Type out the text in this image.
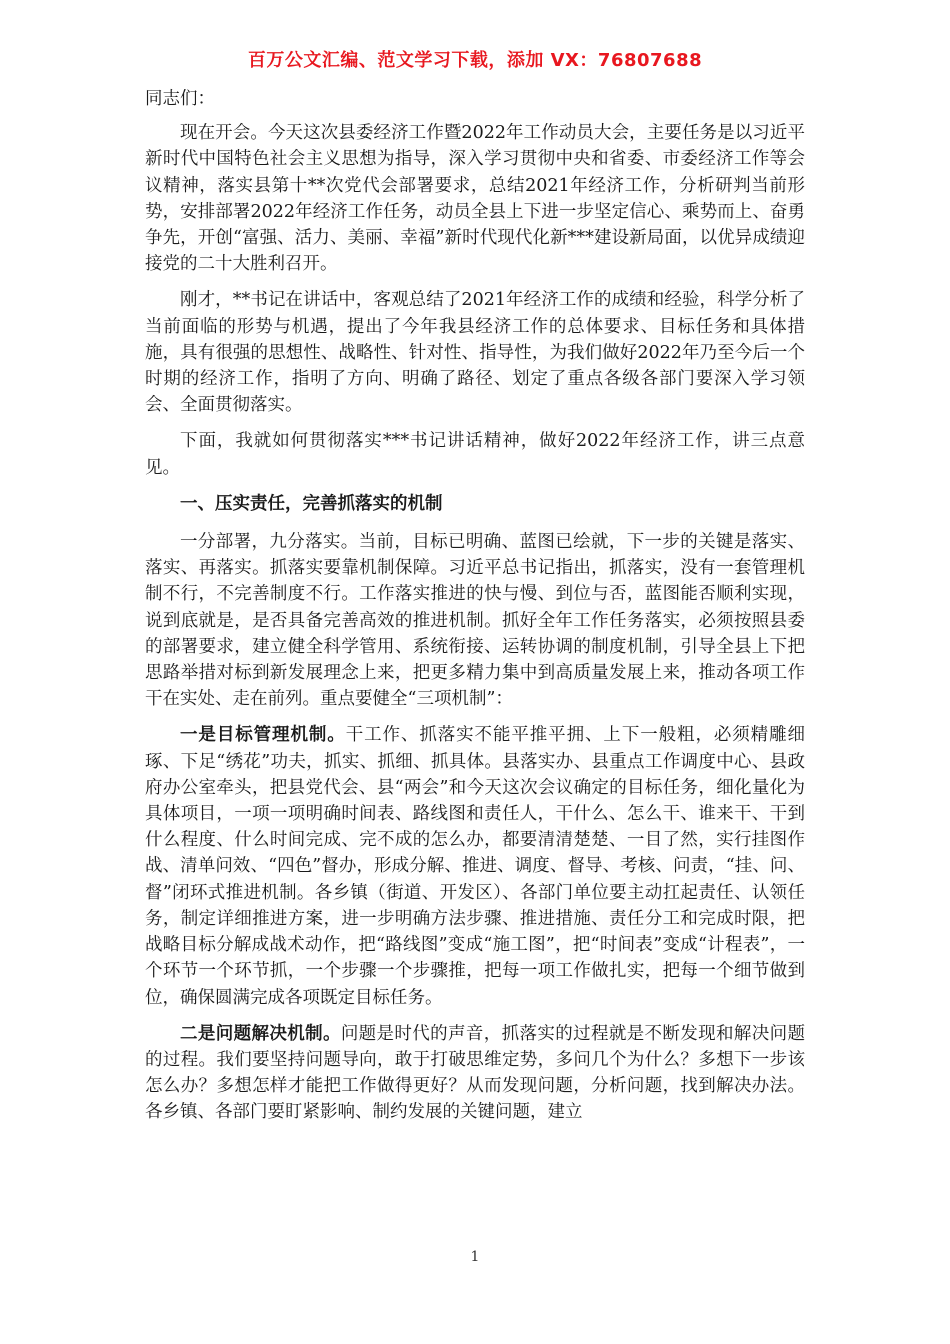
百万公文汇编、范文学习下载，添加 VX：76807688

同志们：

现在开会。今天这次县委经济工作暨2022年工作动员大会，主要任务是以习近平新时代中国特色社会主义思想为指导，深入学习贯彻中央和省委、市委经济工作等会议精神，落实县第十**次党代会部署要求，总结2021年经济工作，分析研判当前形势，安排部署2022年经济工作任务，动员全县上下进一步坚定信心、乘势而上、奋勇争先，开创“富强、活力、美丽、幸福”新时代现代化新***建设新局面，以优异成绩迎接党的二十大胜利召开。

刚才，**书记在讲话中，客观总结了2021年经济工作的成绩和经验，科学分析了当前面临的形势与机遇，提出了今年我县经济工作的总体要求、目标任务和具体措施，具有很强的思想性、战略性、针对性、指导性，为我们做好2022年乃至今后一个时期的经济工作，指明了方向、明确了路径、划定了重点各级各部门要深入学习领会、全面贯彻落实。

下面，我就如何贯彻落实***书记讲话精神，做好2022年经济工作，讲三点意见。

一、压实责任，完善抓落实的机制

一分部署，九分落实。当前，目标已明确、蓝图已绘就，下一步的关键是落实、落实、再落实。抓落实要靠机制保障。习近平总书记指出，抓落实，没有一套管理机制不行，不完善制度不行。工作落实推进的快与慢、到位与否，蓝图能否顺利实现，说到底就是，是否具备完善高效的推进机制。抓好全年工作任务落实，必须按照县委的部署要求，建立健全科学管用、系统衔接、运转协调的制度机制，引导全县上下把思路举措对标到新发展理念上来，把更多精力集中到高质量发展上来，推动各项工作干在实处、走在前列。重点要健全“三项机制”：

一是目标管理机制。干工作、抓落实不能平推平拥、上下一般粗，必须精雕细琢、下足“绣花”功夫，抓实、抓细、抓具体。县落实办、县重点工作调度中心、县政府办公室牵头，把县党代会、县“两会”和今天这次会议确定的目标任务，细化量化为具体项目，一项一项明确时间表、路线图和责任人，干什么、怎么干、谁来干、干到什么程度、什么时间完成、完不成的怎么办，都要清清楚楚、一目了然，实行挂图作战、清单问效、“四色”督办，形成分解、推进、调度、督导、考核、问责，“挂、问、督”闭环式推进机制。各乡镇（街道、开发区）、各部门单位要主动扛起责任、认领任务，制定详细推进方案，进一步明确方法步骤、推进措施、责任分工和完成时限，把战略目标分解成战术动作，把“路线图”变成“施工图”，把“时间表”变成“计程表”，一个环节一个环节抓，一个步骤一个步骤推，把每一项工作做扎实，把每一个细节做到位，确保圆满完成各项既定目标任务。

二是问题解决机制。问题是时代的声音，抓落实的过程就是不断发现和解决问题的过程。我们要坚持问题导向，敢于打破思维定势，多问几个为什么？多想下一步该怎么办？多想怎样才能把工作做得更好？从而发现问题，分析问题，找到解决办法。各乡镇、各部门要盯紧影响、制约发展的关键问题，建立

1
